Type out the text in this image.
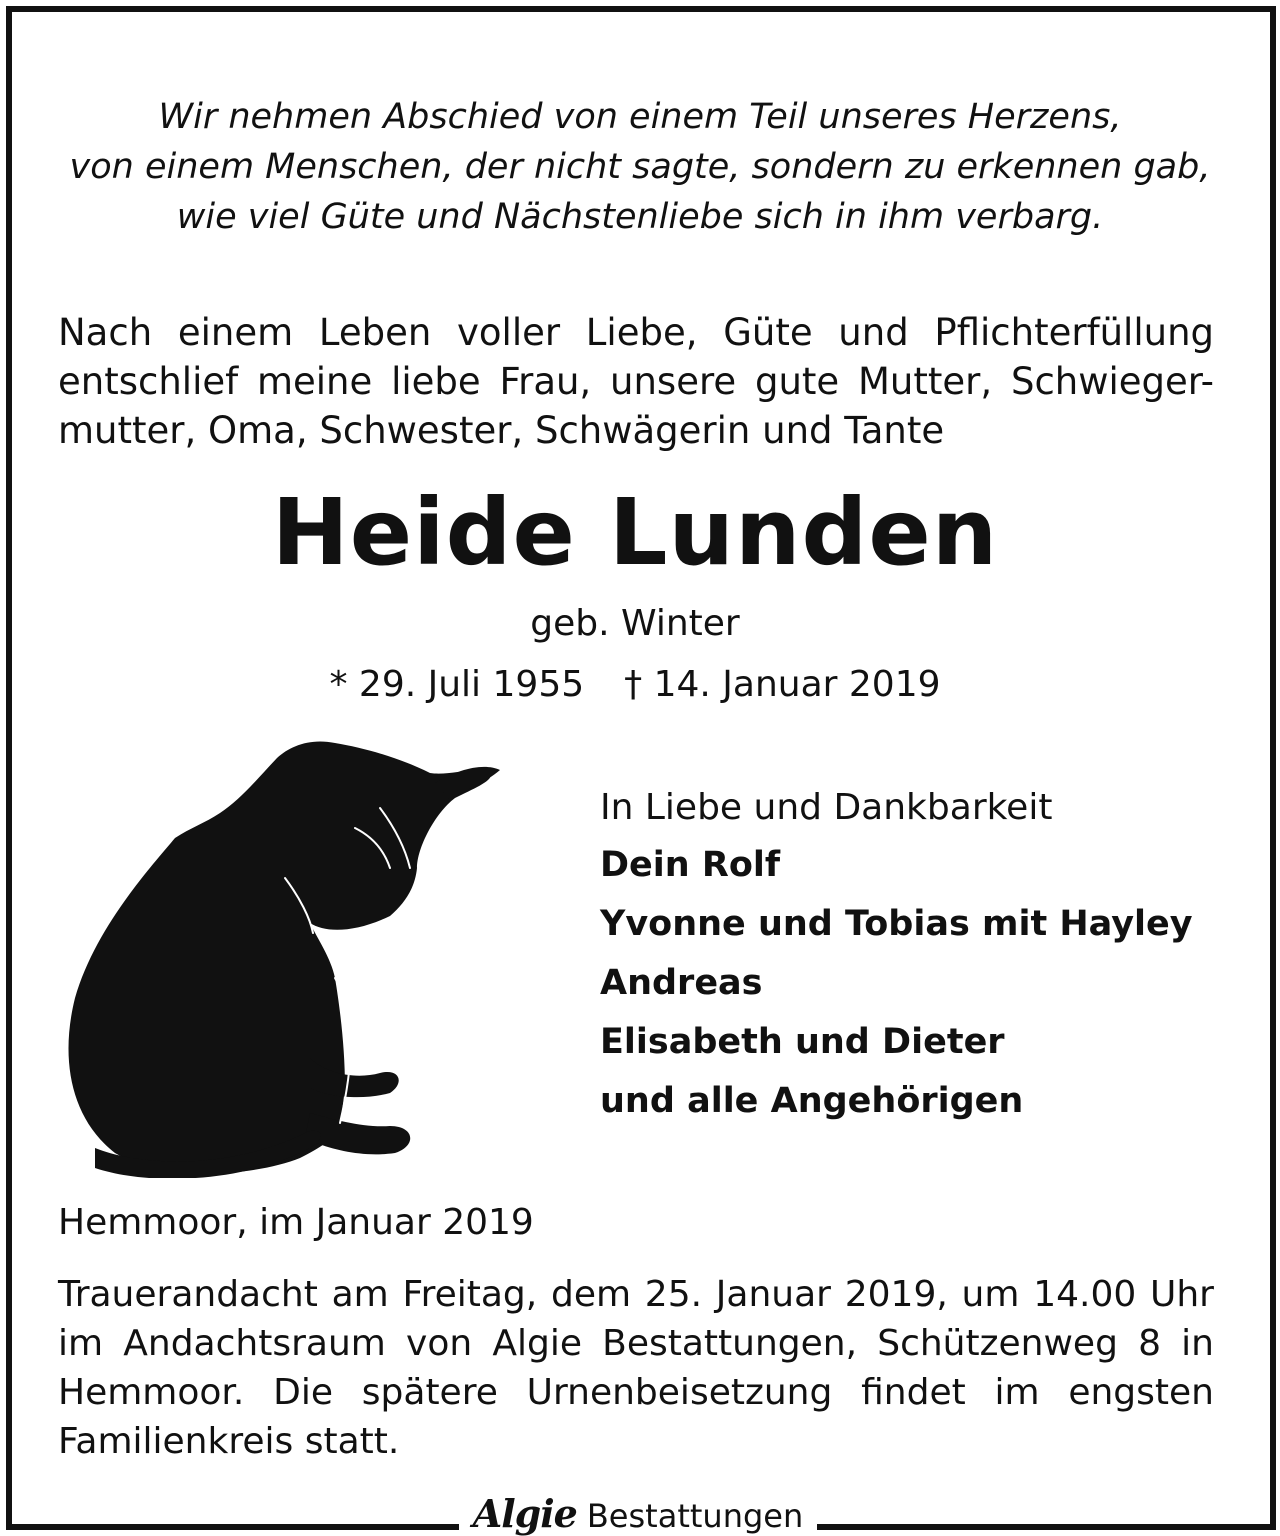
Wir nehmen Abschied von einem Teil unseres Herzens,
von einem Menschen, der nicht sagte, sondern zu erkennen gab,
wie viel Güte und Nächstenliebe sich in ihm verbarg.
Nach einem Leben voller Liebe, Güte und Pflichterfüllung
entschlief meine liebe Frau, unsere gute Mutter, Schwieger-
mutter, Oma, Schwester, Schwägerin und Tante
Heide Lunden
geb. Winter
* 29. Juli 1955 † 14. Januar 2019
In Liebe und Dankbarkeit
Dein Rolf
Yvonne und Tobias mit Hayley
Andreas
Elisabeth und Dieter
und alle Angehörigen
Hemmoor, im Januar 2019
Trauerandacht am Freitag, dem 25. Januar 2019, um 14.00 Uhr
im Andachtsraum von Algie Bestattungen, Schützenweg 8 in
Hemmoor. Die spätere Urnenbeisetzung findet im engsten
Familienkreis statt.
Algie Bestattungen
